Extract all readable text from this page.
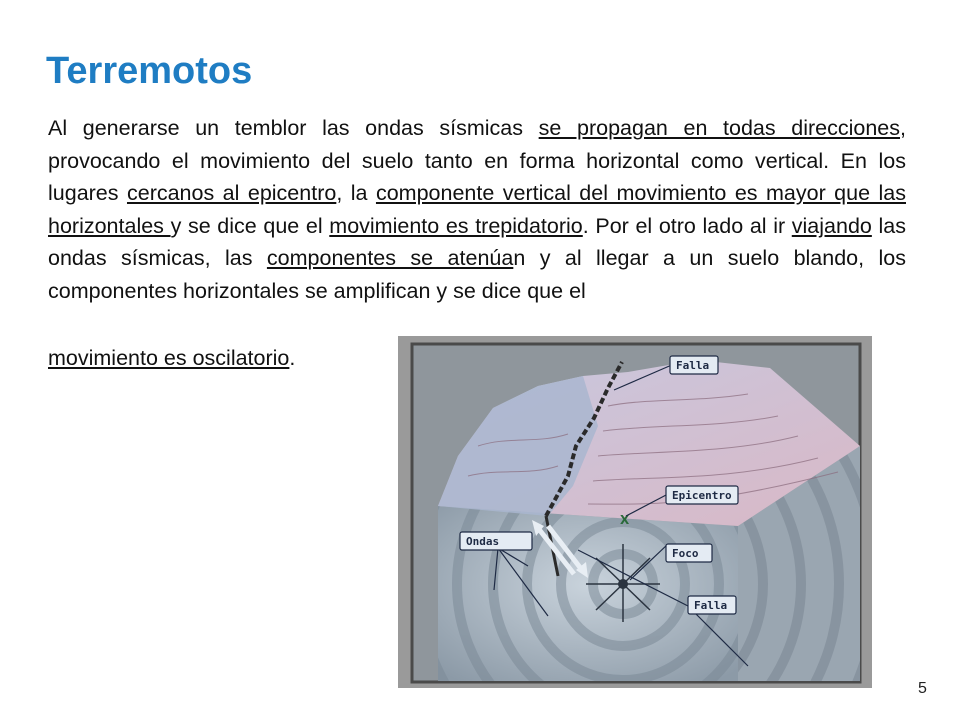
Terremotos

Al generarse un temblor las ondas sísmicas se propagan en todas direcciones, provocando el movimiento del suelo tanto en forma horizontal como vertical. En los lugares cercanos al epicentro, la componente vertical del movimiento es mayor que las horizontales y se dice que el movimiento es trepidatorio. Por el otro lado al ir viajando las ondas sísmicas, las componentes se atenúan y al llegar a un suelo blando, los componentes horizontales se amplifican y se dice que el

movimiento es oscilatorio.

X
Falla
Epicentro
Ondas
Foco
Falla
5
